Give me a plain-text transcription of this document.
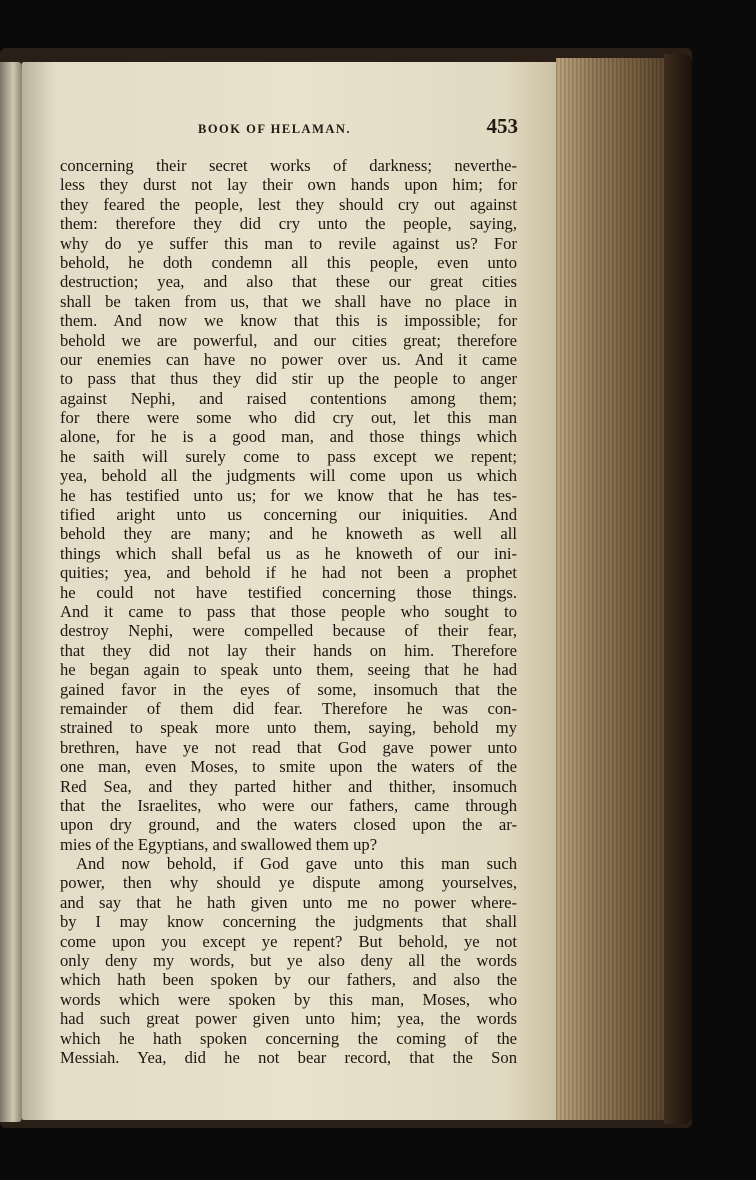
BOOK OF HELAMAN.	453
concerning their secret works of darkness; neverthe-
less they durst not lay their own hands upon him; for
they feared the people, lest they should cry out against
them: therefore they did cry unto the people, saying,
why do ye suffer this man to revile against us? For
behold, he doth condemn all this people, even unto
destruction; yea, and also that these our great cities
shall be taken from us, that we shall have no place in
them. And now we know that this is impossible; for
behold we are powerful, and our cities great; therefore
our enemies can have no power over us. And it came
to pass that thus they did stir up the people to anger
against Nephi, and raised contentions among them;
for there were some who did cry out, let this man
alone, for he is a good man, and those things which
he saith will surely come to pass except we repent;
yea, behold all the judgments will come upon us which
he has testified unto us; for we know that he has tes-
tified aright unto us concerning our iniquities. And
behold they are many; and he knoweth as well all
things which shall befal us as he knoweth of our ini-
quities; yea, and behold if he had not been a prophet
he could not have testified concerning those things.
And it came to pass that those people who sought to
destroy Nephi, were compelled because of their fear,
that they did not lay their hands on him. Therefore
he began again to speak unto them, seeing that he had
gained favor in the eyes of some, insomuch that the
remainder of them did fear. Therefore he was con-
strained to speak more unto them, saying, behold my
brethren, have ye not read that God gave power unto
one man, even Moses, to smite upon the waters of the
Red Sea, and they parted hither and thither, insomuch
that the Israelites, who were our fathers, came through
upon dry ground, and the waters closed upon the ar-
mies of the Egyptians, and swallowed them up?
And now behold, if God gave unto this man such
power, then why should ye dispute among yourselves,
and say that he hath given unto me no power where-
by I may know concerning the judgments that shall
come upon you except ye repent? But behold, ye not
only deny my words, but ye also deny all the words
which hath been spoken by our fathers, and also the
words which were spoken by this man, Moses, who
had such great power given unto him; yea, the words
which he hath spoken concerning the coming of the
Messiah. Yea, did he not bear record, that the Son
